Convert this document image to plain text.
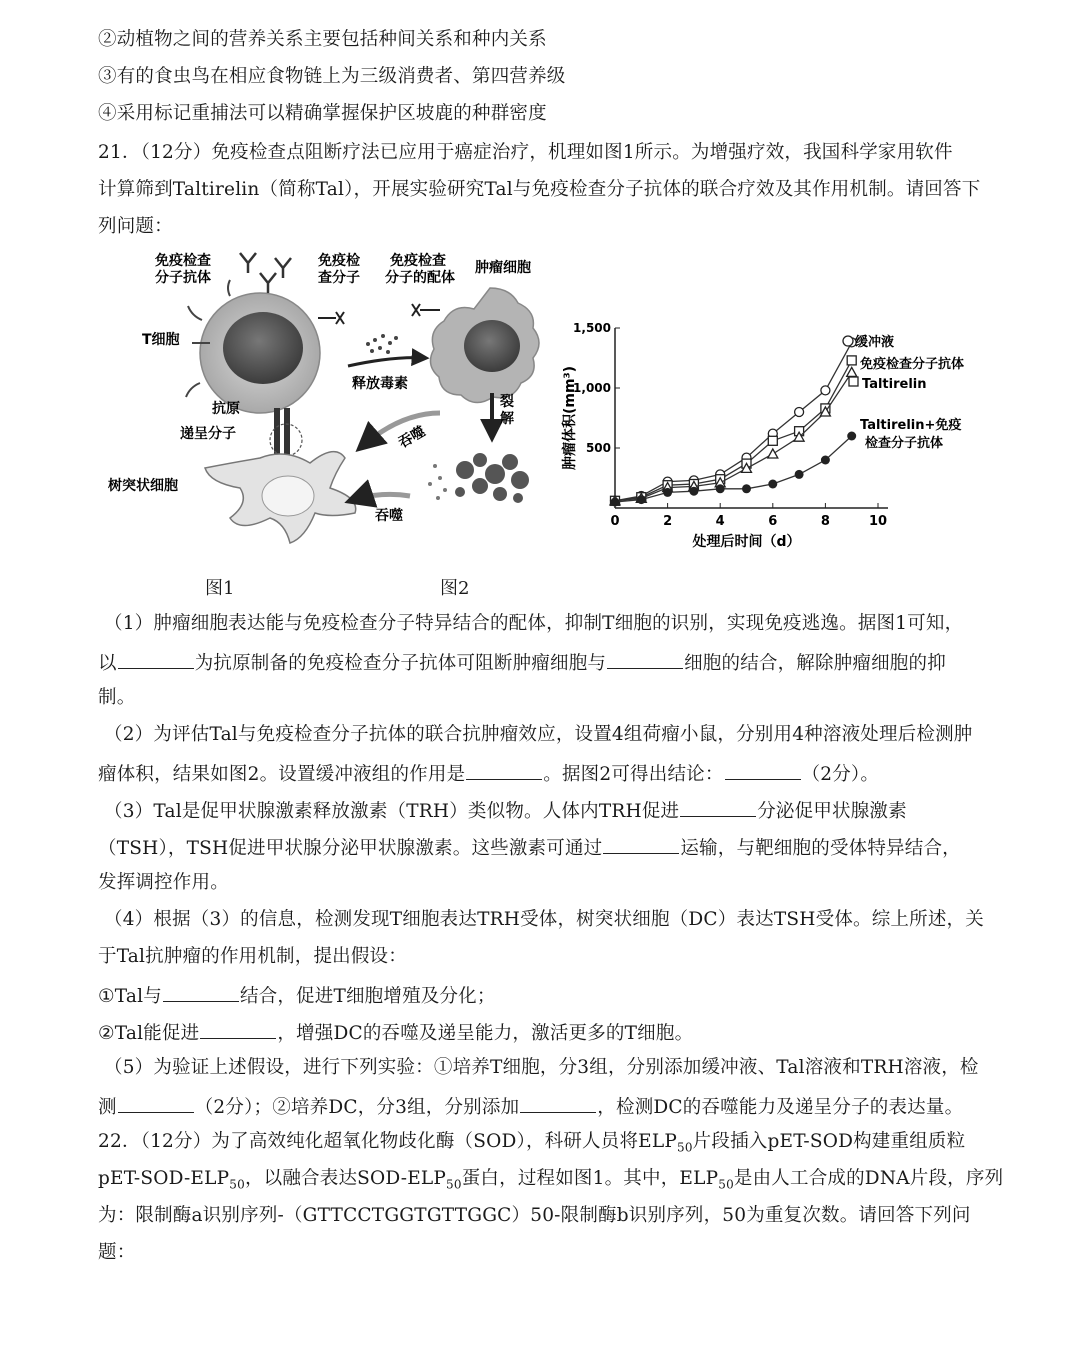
②动植物之间的营养关系主要包括种间关系和种内关系
③有的食虫鸟在相应食物链上为三级消费者、第四营养级
④采用标记重捕法可以精确掌握保护区坡鹿的种群密度
21．（12分）免疫检查点阻断疗法已应用于癌症治疗，机理如图1所示。为增强疗效，我国科学家用软件
计算筛到Taltirelin（简称Tal），开展实验研究Tal与免疫检查分子抗体的联合疗效及其作用机制。请回答下
列问题：
免疫检查
分子抗体
免疫检
查分子
免疫检查
分子的配体
肿瘤细胞
T细胞
释放毒素
裂
解
抗原
递呈分子	吞噬
吞噬
树突状细胞
0	2	4	6	8	10
500
1,000
1,500
处理后时间（d）
肿瘤体积(mm³)
缓冲液
免疫检查分子抗体
Taltirelin
Taltirelin+免疫
检查分子抗体
图1	图2
（1）肿瘤细胞表达能与免疫检查分子特异结合的配体，抑制T细胞的识别，实现免疫逃逸。据图1可知，
以	为抗原制备的免疫检查分子抗体可阻断肿瘤细胞与	细胞的结合，解除肿瘤细胞的抑
制。
（2）为评估Tal与免疫检查分子抗体的联合抗肿瘤效应，设置4组荷瘤小鼠，分别用4种溶液处理后检测肿
瘤体积，结果如图2。设置缓冲液组的作用是	。据图2可得出结论：	（2分）。
（3）Tal是促甲状腺激素释放激素（TRH）类似物。人体内TRH促进	分泌促甲状腺激素
（TSH），TSH促进甲状腺分泌甲状腺激素。这些激素可通过	运输，与靶细胞的受体特异结合，
发挥调控作用。
（4）根据（3）的信息，检测发现T细胞表达TRH受体，树突状细胞（DC）表达TSH受体。综上所述，关
于Tal抗肿瘤的作用机制，提出假设：
①Tal与	结合，促进T细胞增殖及分化；
②Tal能促进	，增强DC的吞噬及递呈能力，激活更多的T细胞。
（5）为验证上述假设，进行下列实验：①培养T细胞，分3组，分别添加缓冲液、Tal溶液和TRH溶液，检
测	（2分）；②培养DC，分3组，分别添加	，检测DC的吞噬能力及递呈分子的表达量。
22．（12分）为了高效纯化超氧化物歧化酶（SOD），科研人员将$ELP_{50}$片段插入pET-SOD构建重组质粒
pET-$SOD-ELP_{50}$，以融合表达SOD-$ELP_{50}$蛋白，过程如图1。其中，$ELP_{50}$是由人工合成的DNA片段，序列
为：限制酶a识别序列-（GTTCCTGGTGTTGGC）50-限制酶b识别序列，50为重复次数。请回答下列问
题：
